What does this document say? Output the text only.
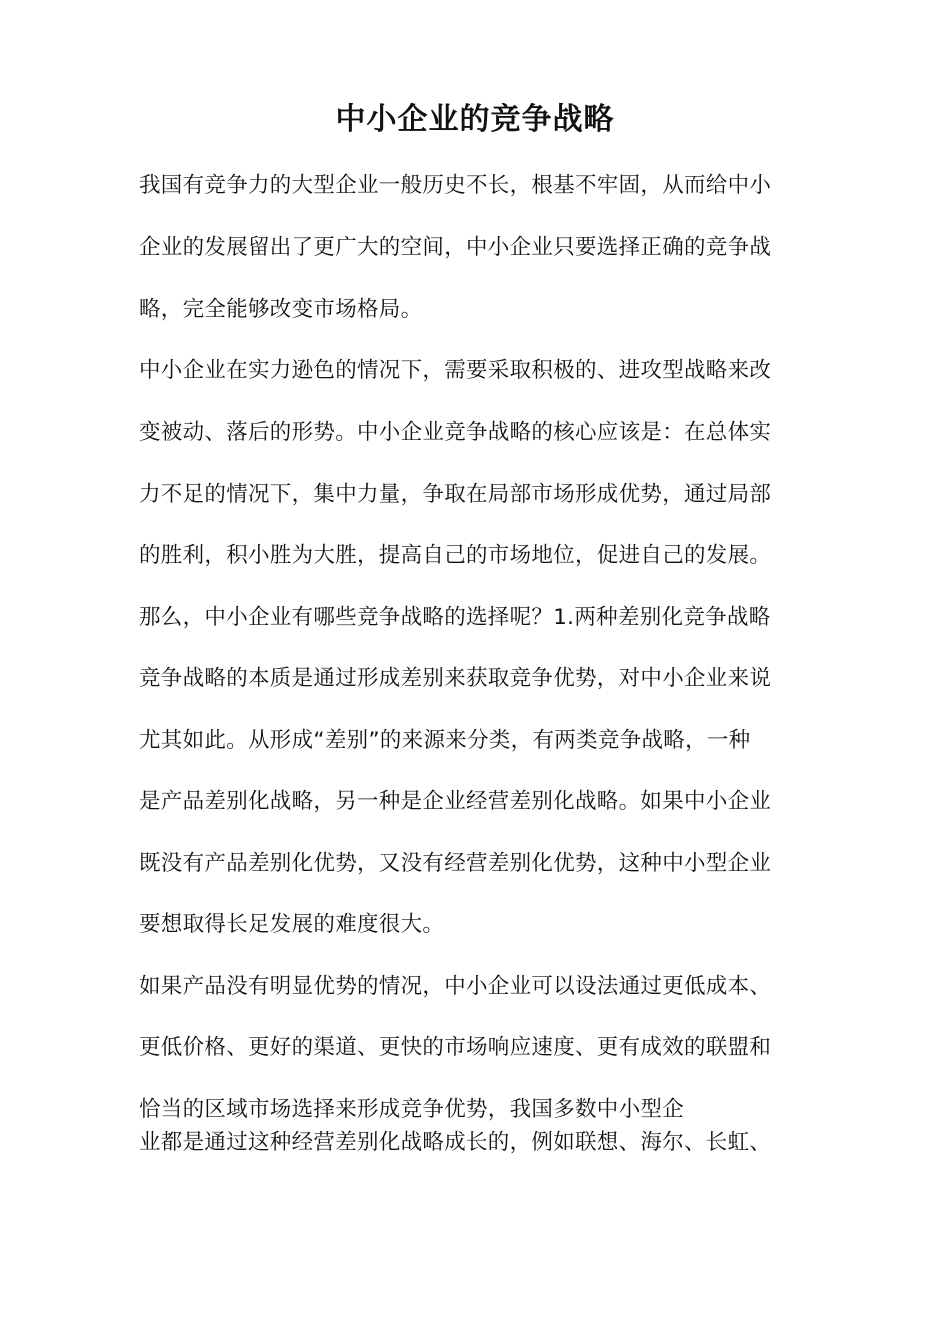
中小企业的竞争战略

我国有竞争力的大型企业一般历史不长，根基不牢固，从而给中小

企业的发展留出了更广大的空间，中小企业只要选择正确的竞争战

略，完全能够改变市场格局。

中小企业在实力逊色的情况下，需要采取积极的、进攻型战略来改

变被动、落后的形势。中小企业竞争战略的核心应该是：在总体实

力不足的情况下，集中力量，争取在局部市场形成优势，通过局部

的胜利，积小胜为大胜，提高自己的市场地位，促进自己的发展。

那么，中小企业有哪些竞争战略的选择呢？1.两种差别化竞争战略

竞争战略的本质是通过形成差别来获取竞争优势，对中小企业来说

尤其如此。从形成“差别”的来源来分类，有两类竞争战略，一种

是产品差别化战略，另一种是企业经营差别化战略。如果中小企业

既没有产品差别化优势，又没有经营差别化优势，这种中小型企业

要想取得长足发展的难度很大。

如果产品没有明显优势的情况，中小企业可以设法通过更低成本、

更低价格、更好的渠道、更快的市场响应速度、更有成效的联盟和

恰当的区域市场选择来形成竞争优势，我国多数中小型企

业都是通过这种经营差别化战略成长的，例如联想、海尔、长虹、
